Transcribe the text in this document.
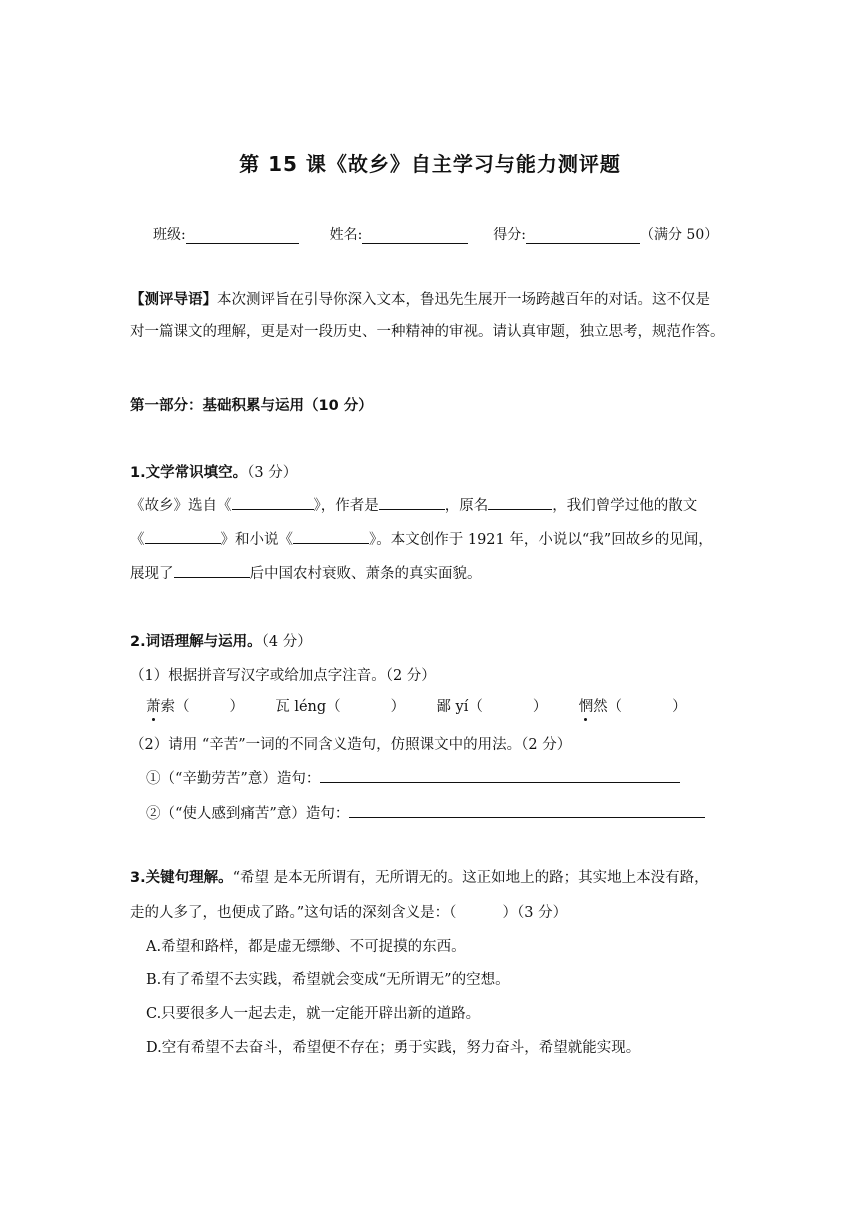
第 15 课《故乡》自主学习与能力测评题
班级:	姓名:	得分:	（满分 50）
【测评导语】本次测评旨在引导你深入文本，鲁迅先生展开一场跨越百年的对话。这不仅是
对一篇课文的理解，更是对一段历史、一种精神的审视。请认真审题，独立思考，规范作答。
第一部分：基础积累与运用（10 分）
1.文学常识填空。（3 分）
《故乡》选自《	》，作者是	，原名	，我们曾学过他的散文
《	》和小说《	》。本文创作于 1921 年，小说以“我”回故乡的见闻，
展现了	后中国农村衰败、萧条的真实面貌。
2.词语理解与运用。（4 分）
（1）根据拼音写汉字或给加点字注音。（2 分）
萧索（	） 瓦 léng（	） 鄙 yí（	） 惘然（	）
（2）请用 “辛苦”一词的不同含义造句，仿照课文中的用法。（2 分）
①（“辛勤劳苦”意）造句：
②（“使人感到痛苦”意）造句：
3.关键句理解。“希望 是本无所谓有，无所谓无的。这正如地上的路；其实地上本没有路，
走的人多了，也便成了路。”这句话的深刻含义是：（          ）（3 分）
A.希望和路样，都是虚无缥缈、不可捉摸的东西。
B.有了希望不去实践，希望就会变成“无所谓无”的空想。
C.只要很多人一起去走，就一定能开辟出新的道路。
D.空有希望不去奋斗，希望便不存在；勇于实践，努力奋斗，希望就能实现。
